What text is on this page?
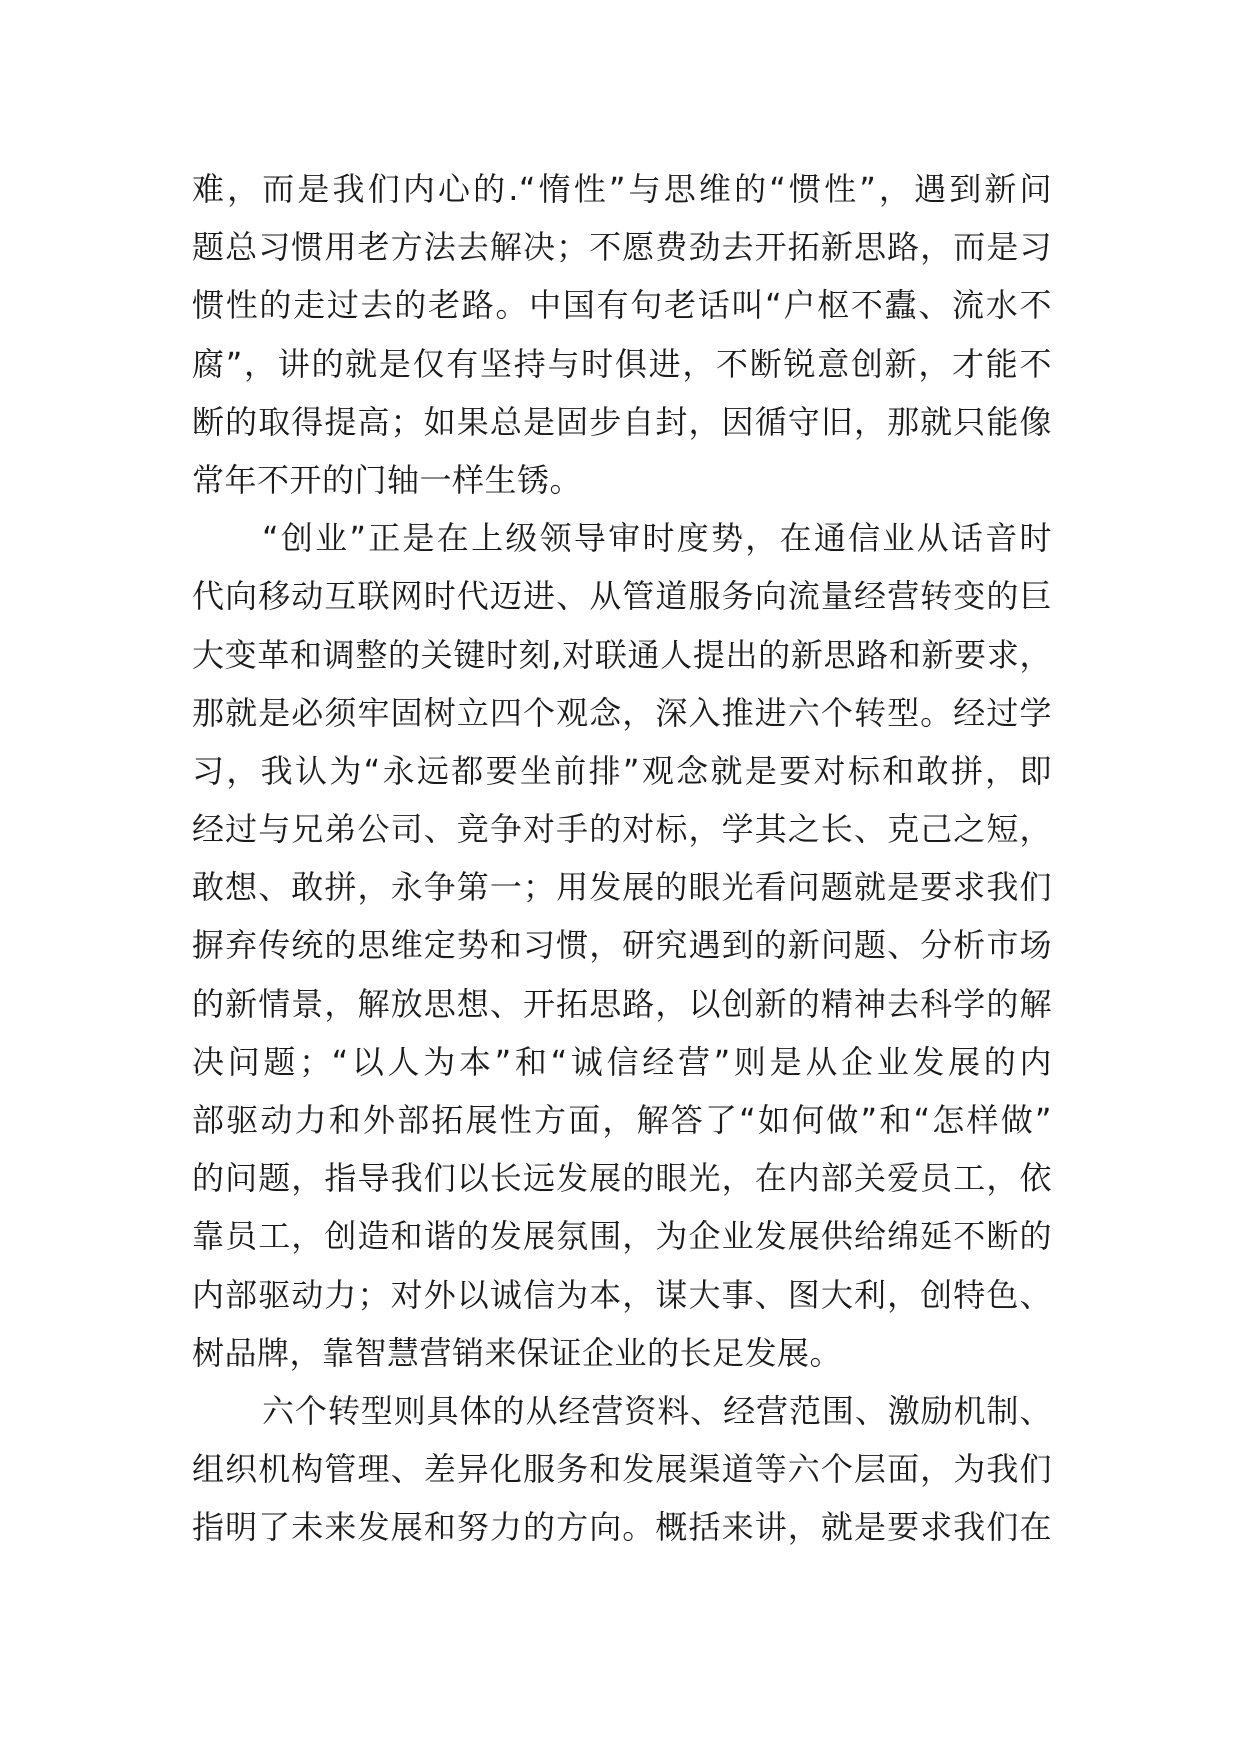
难，而是我们内心的.“惰性”与思维的“惯性”，遇到新问
题总习惯用老方法去解决；不愿费劲去开拓新思路，而是习
惯性的走过去的老路。中国有句老话叫“户枢不蠹、流水不
腐”，讲的就是仅有坚持与时俱进，不断锐意创新，才能不
断的取得提高；如果总是固步自封，因循守旧，那就只能像
常年不开的门轴一样生锈。
“创业”正是在上级领导审时度势，在通信业从话音时
代向移动互联网时代迈进、从管道服务向流量经营转变的巨
大变革和调整的关键时刻,对联通人提出的新思路和新要求，
那就是必须牢固树立四个观念，深入推进六个转型。经过学
习，我认为“永远都要坐前排”观念就是要对标和敢拼，即
经过与兄弟公司、竞争对手的对标，学其之长、克己之短，
敢想、敢拼，永争第一；用发展的眼光看问题就是要求我们
摒弃传统的思维定势和习惯，研究遇到的新问题、分析市场
的新情景，解放思想、开拓思路，以创新的精神去科学的解
决问题；“以人为本”和“诚信经营”则是从企业发展的内
部驱动力和外部拓展性方面，解答了“如何做”和“怎样做”
的问题，指导我们以长远发展的眼光，在内部关爱员工，依
靠员工，创造和谐的发展氛围，为企业发展供给绵延不断的
内部驱动力；对外以诚信为本，谋大事、图大利，创特色、
树品牌，靠智慧营销来保证企业的长足发展。
六个转型则具体的从经营资料、经营范围、激励机制、
组织机构管理、差异化服务和发展渠道等六个层面，为我们
指明了未来发展和努力的方向。概括来讲，就是要求我们在
